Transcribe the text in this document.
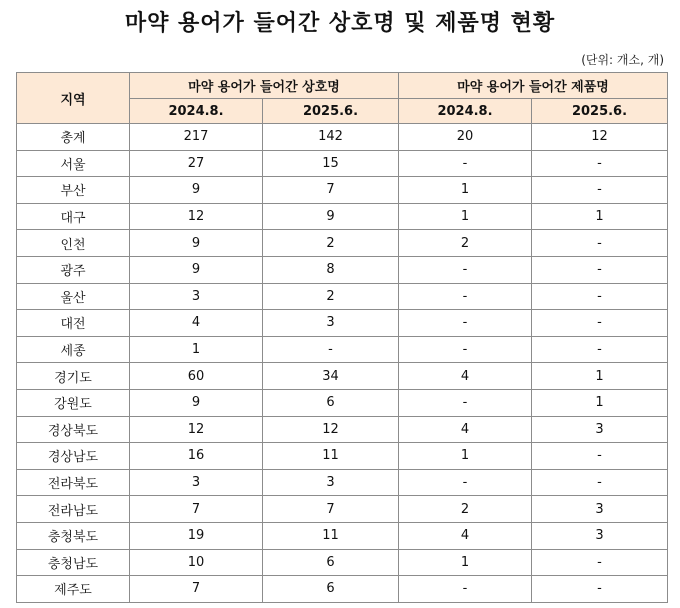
마약 용어가 들어간 상호명 및 제품명 현황
(단위: 개소, 개)
지역	마약 용어가 들어간 상호명		마약 용어가 들어간 제품명	
	2024.8.	2025.6.	2024.8.	2025.6.
총계	217	142	20	12
서울	27	15	-	-
부산	9	7	1	-
대구	12	9	1	1
인천	9	2	2	-
광주	9	8	-	-
울산	3	2	-	-
대전	4	3	-	-
세종	1	-	-	-
경기도	60	34	4	1
강원도	9	6	-	1
경상북도	12	12	4	3
경상남도	16	11	1	-
전라북도	3	3	-	-
전라남도	7	7	2	3
충청북도	19	11	4	3
충청남도	10	6	1	-
제주도	7	6	-	-
